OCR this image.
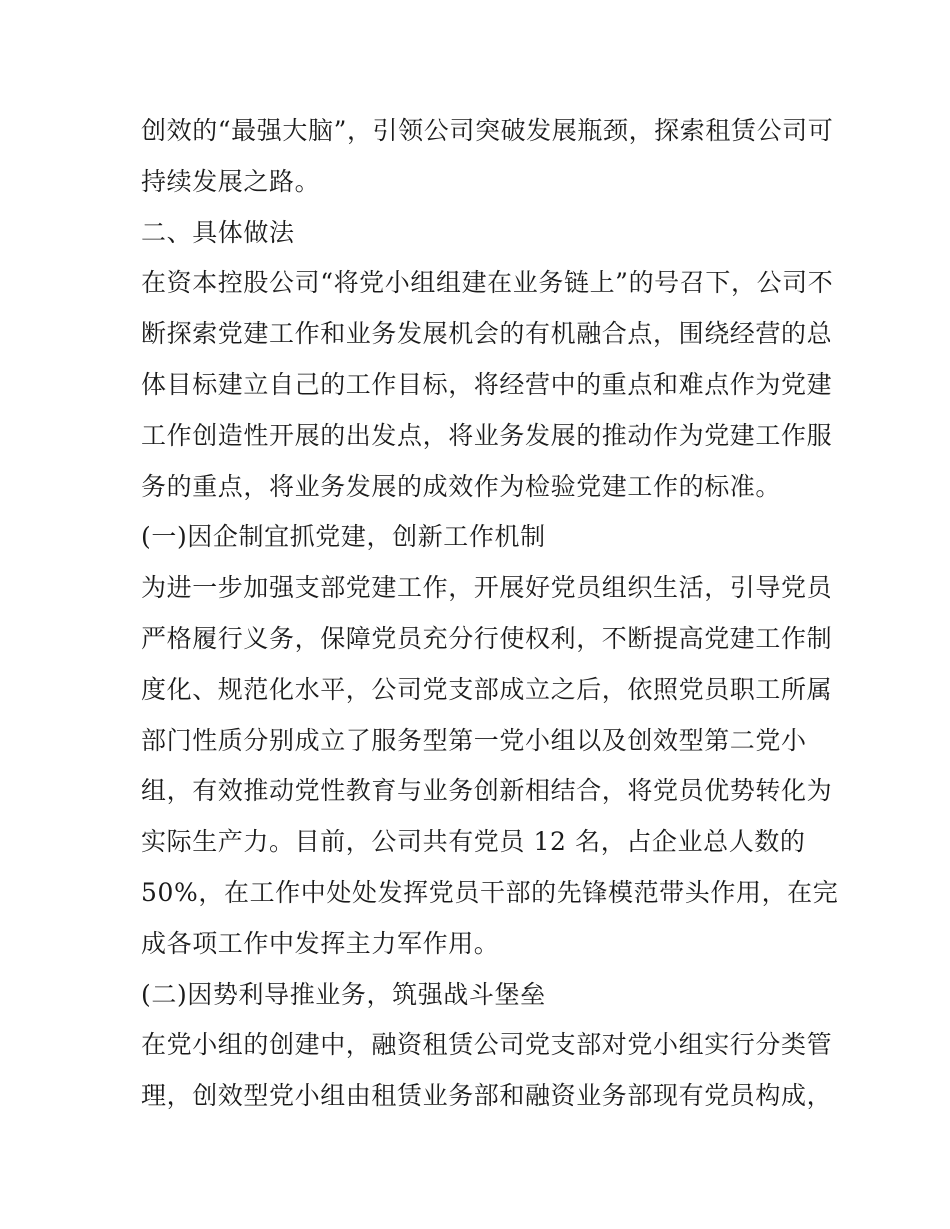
创效的“最强大脑”，引领公司突破发展瓶颈，探索租赁公司可
持续发展之路。
二、具体做法
在资本控股公司“将党小组组建在业务链上”的号召下，公司不
断探索党建工作和业务发展机会的有机融合点，围绕经营的总
体目标建立自己的工作目标，将经营中的重点和难点作为党建
工作创造性开展的出发点，将业务发展的推动作为党建工作服
务的重点，将业务发展的成效作为检验党建工作的标准。
(一)因企制宜抓党建，创新工作机制
为进一步加强支部党建工作，开展好党员组织生活，引导党员
严格履行义务，保障党员充分行使权利，不断提高党建工作制
度化、规范化水平，公司党支部成立之后，依照党员职工所属
部门性质分别成立了服务型第一党小组以及创效型第二党小
组，有效推动党性教育与业务创新相结合，将党员优势转化为
实际生产力。目前，公司共有党员 12 名，占企业总人数的
50%，在工作中处处发挥党员干部的先锋模范带头作用，在完
成各项工作中发挥主力军作用。
(二)因势利导推业务，筑强战斗堡垒
在党小组的创建中，融资租赁公司党支部对党小组实行分类管
理，创效型党小组由租赁业务部和融资业务部现有党员构成，
